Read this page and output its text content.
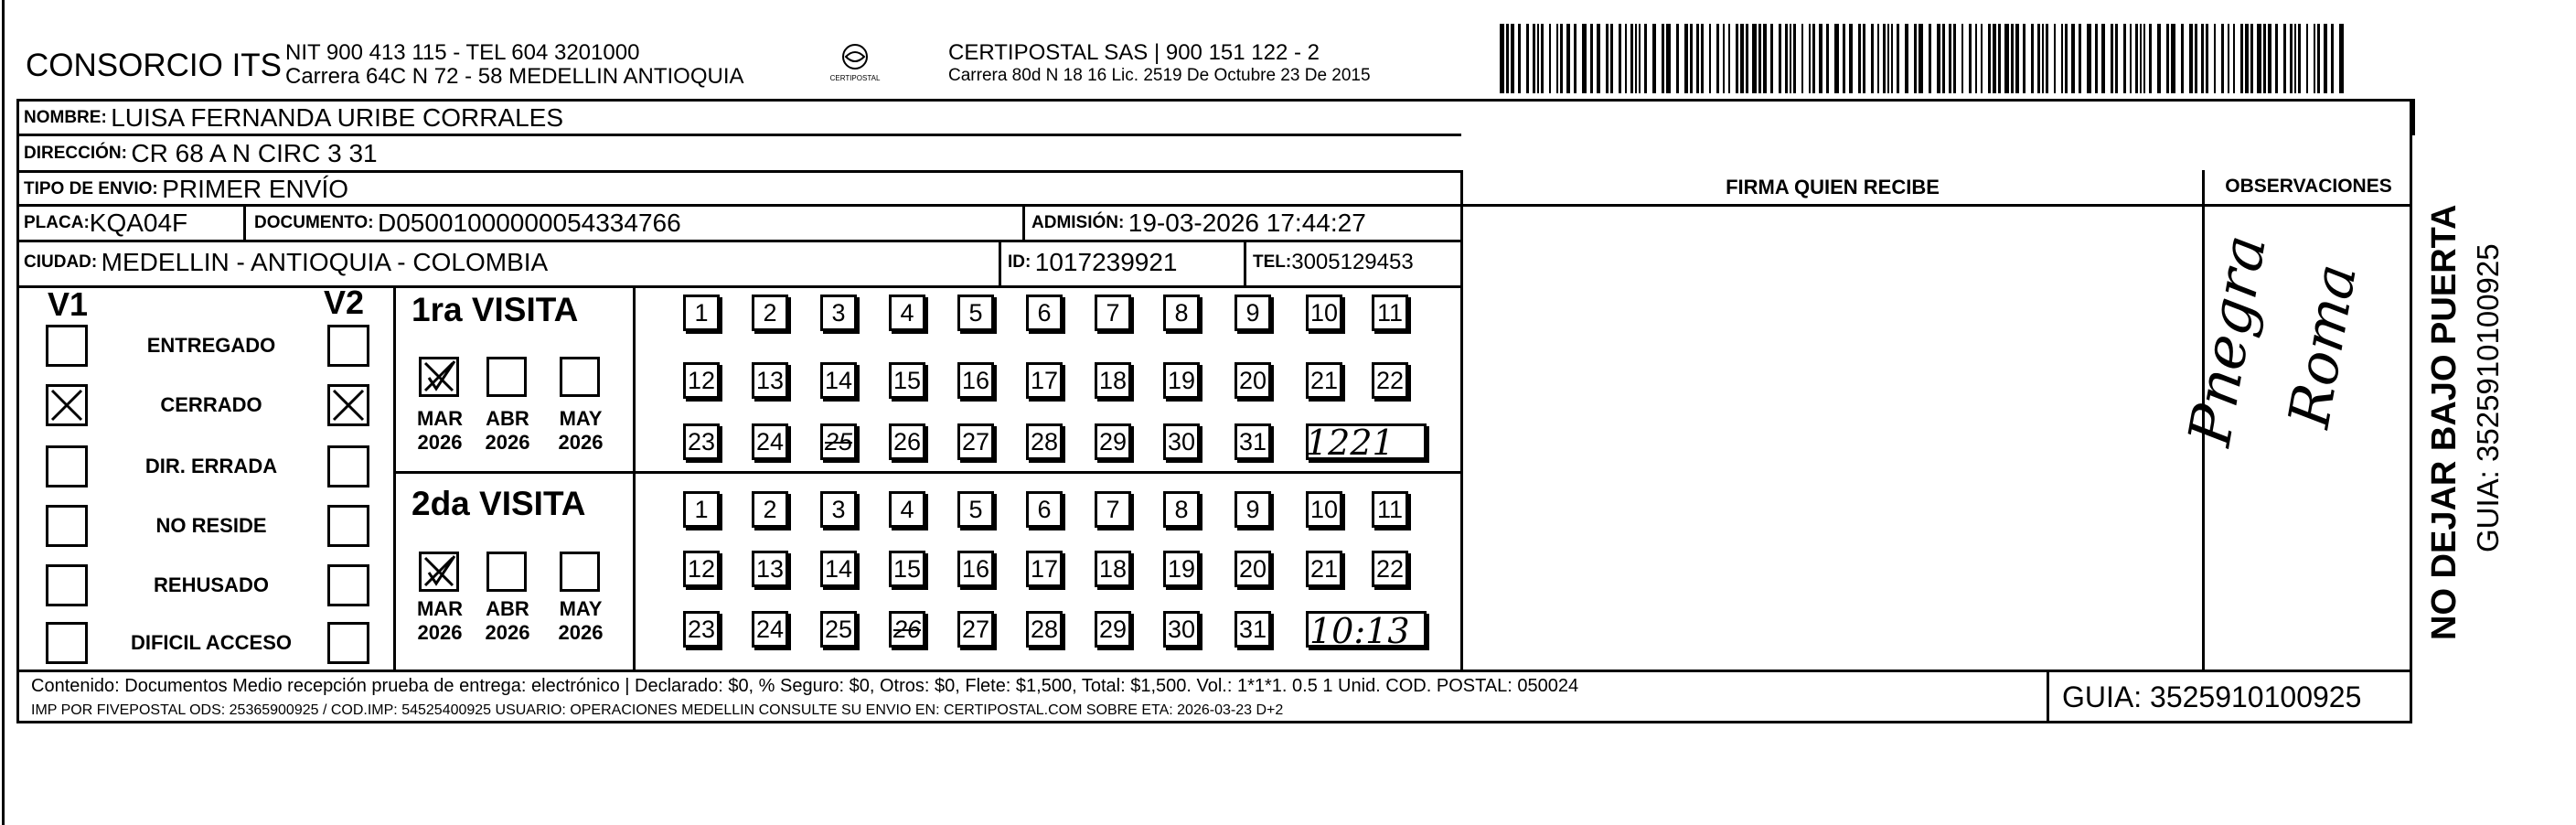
CONSORCIO ITS NIT 900 413 115 - TEL 604 3201000
Carrera 64C N 72 - 58 MEDELLIN ANTIOQUIA	CERTIPOSTAL
CERTIPOSTAL SAS | 900 151 122 - 2
Carrera 80d N 18 16 Lic. 2519 De Octubre 23 De 2015
NOMBRE:
LUISA FERNANDA URIBE CORRALES
DIRECCIÓN:
CR 68 A N CIRC 3 31
TIPO DE ENVIO:
PRIMER ENVÍO
PLACA: KQA04F	DOCUMENTO:
D05001000000054334766	ADMISIÓN:
19-03-2026 17:44:27
CIUDAD:
MEDELLIN - ANTIOQUIA - COLOMBIA	ID:
1017239921	TEL: 3005129453
FIRMA QUIEN RECIBE	OBSERVACIONES
V1	V2
ENTREGADO
CERRADO
DIR. ERRADA
NO RESIDE
REHUSADO
DIFICIL ACCESO
1ra VISITA
2da VISITA
MAR
2026
ABR
2026
MAY
2026
1	2	3	4	5	6	7	8	9	10 11
12 13 14 15 16 17 18 19 20 21 22
23 24 25 26 27 28 29 30 31
MAR
2026
ABR
2026
MAY
2026
1	2	3	4	5	6	7	8	9	10 11
12 13 14 15 16 17 18 19 20 21 22
23 24 25 26 27 28 29 30 31
1221
10:13
Pnegra
Roma
Contenido: Documentos Medio recepción prueba de entrega: electrónico | Declarado: $0, % Seguro: $0, Otros: $0, Flete: $1,500, Total: $1,500. Vol.: 1*1*1. 0.5 1 Unid. COD. POSTAL: 050024
IMP POR FIVEPOSTAL ODS: 25365900925 / COD.IMP: 54525400925 USUARIO: OPERACIONES MEDELLIN CONSULTE SU ENVIO EN: CERTIPOSTAL.COM SOBRE ETA: 2026-03-23 D+2	GUIA: 3525910100925
NO DEJAR BAJO PUERTA GUIA: 3525910100925
